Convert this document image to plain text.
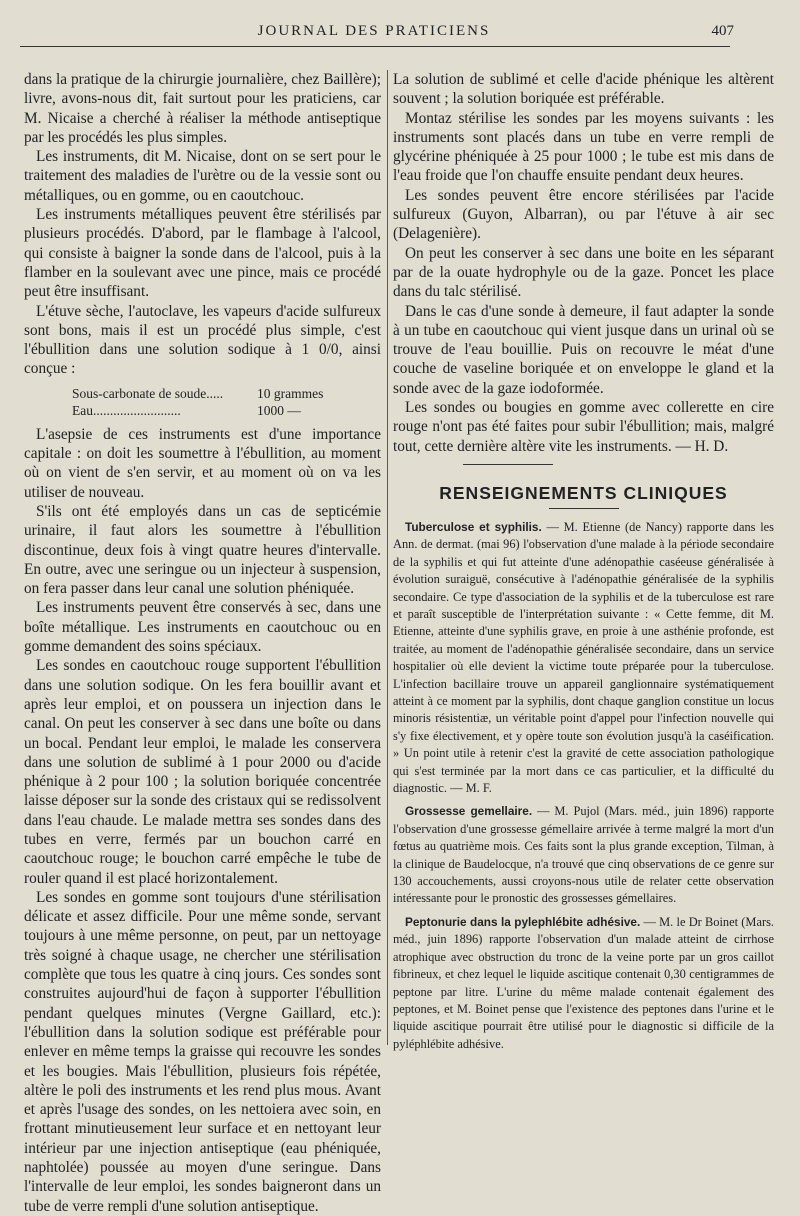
JOURNAL DES PRATICIENS	407

dans la pratique de la chirurgie journalière, chez Baillère); livre, avons-nous dit, fait surtout pour les praticiens, car M. Nicaise a cherché à réaliser la méthode antiseptique par les procédés les plus simples.

Les instruments, dit M. Nicaise, dont on se sert pour le traitement des maladies de l'urètre ou de la vessie sont ou métalliques, ou en gomme, ou en caoutchouc.

Les instruments métalliques peuvent être stérilisés par plusieurs procédés. D'abord, par le flambage à l'alcool, qui consiste à baigner la sonde dans de l'alcool, puis à la flamber en la soulevant avec une pince, mais ce procédé peut être insuffisant.

L'étuve sèche, l'autoclave, les vapeurs d'acide sulfureux sont bons, mais il est un procédé plus simple, c'est l'ébullition dans une solution sodique à 1 0/0, ainsi conçue :

Sous-carbonate de soude.....	10 grammes
Eau..........................	1000 —

L'asepsie de ces instruments est d'une importance capitale : on doit les soumettre à l'ébullition, au moment où on vient de s'en servir, et au moment où on va les utiliser de nouveau.

S'ils ont été employés dans un cas de septicémie urinaire, il faut alors les soumettre à l'ébullition discontinue, deux fois à vingt quatre heures d'intervalle. En outre, avec une seringue ou un injecteur à suspension, on fera passer dans leur canal une solution phéniquée.

Les instruments peuvent être conservés à sec, dans une boîte métallique. Les instruments en caoutchouc ou en gomme demandent des soins spéciaux.

Les sondes en caoutchouc rouge supportent l'ébullition dans une solution sodique. On les fera bouillir avant et après leur emploi, et on poussera un injection dans le canal. On peut les conserver à sec dans une boîte ou dans un bocal. Pendant leur emploi, le malade les conservera dans une solution de sublimé à 1 pour 2000 ou d'acide phénique à 2 pour 100 ; la solution boriquée concentrée laisse déposer sur la sonde des cristaux qui se redissolvent dans l'eau chaude. Le malade mettra ses sondes dans des tubes en verre, fermés par un bouchon carré en caoutchouc rouge; le bouchon carré empêche le tube de rouler quand il est placé horizontalement.

Les sondes en gomme sont toujours d'une stérilisation délicate et assez difficile. Pour une même sonde, servant toujours à une même personne, on peut, par un nettoyage très soigné à chaque usage, ne chercher une stérilisation complète que tous les quatre à cinq jours. Ces sondes sont construites aujourd'hui de façon à supporter l'ébullition pendant quelques minutes (Vergne Gaillard, etc.): l'ébullition dans la solution sodique est préférable pour enlever en même temps la graisse qui recouvre les sondes et les bougies. Mais l'ébullition, plusieurs fois répétée, altère le poli des instruments et les rend plus mous. Avant et après l'usage des sondes, on les nettoiera avec soin, en frottant minutieusement leur surface et en nettoyant leur intérieur par une injection antiseptique (eau phéniquée, naphtolée) poussée au moyen d'une seringue. Dans l'intervalle de leur emploi, les sondes baigneront dans un tube de verre rempli d'une solution antiseptique.

La solution de sublimé et celle d'acide phénique les altèrent souvent ; la solution boriquée est préférable.

Montaz stérilise les sondes par les moyens suivants : les instruments sont placés dans un tube en verre rempli de glycérine phéniquée à 25 pour 1000 ; le tube est mis dans de l'eau froide que l'on chauffe ensuite pendant deux heures.

Les sondes peuvent être encore stérilisées par l'acide sulfureux (Guyon, Albarran), ou par l'étuve à air sec (Delagenière).

On peut les conserver à sec dans une boite en les séparant par de la ouate hydrophyle ou de la gaze. Poncet les place dans du talc stérilisé.

Dans le cas d'une sonde à demeure, il faut adapter la sonde à un tube en caoutchouc qui vient jusque dans un urinal où se trouve de l'eau bouillie. Puis on recouvre le méat d'une couche de vaseline boriquée et on enveloppe le gland et la sonde avec de la gaze iodoformée.

Les sondes ou bougies en gomme avec collerette en cire rouge n'ont pas été faites pour subir l'ébullition; mais, malgré tout, cette dernière altère vite les instruments. — H. D.

RENSEIGNEMENTS CLINIQUES

Tuberculose et syphilis. — M. Etienne (de Nancy) rapporte dans les Ann. de dermat. (mai 96) l'observation d'une malade à la période secondaire de la syphilis et qui fut atteinte d'une adénopathie caséeuse généralisée à évolution suraiguë, consécutive à l'adénopathie généralisée de la syphilis secondaire. Ce type d'association de la syphilis et de la tuberculose est rare et paraît susceptible de l'interprétation suivante : « Cette femme, dit M. Etienne, atteinte d'une syphilis grave, en proie à une asthénie profonde, est traitée, au moment de l'adénopathie généralisée secondaire, dans un service hospitalier où elle devient la victime toute préparée pour la tuberculose. L'infection bacillaire trouve un appareil ganglionnaire systématiquement atteint à ce moment par la syphilis, dont chaque ganglion constitue un locus minoris résistentiæ, un véritable point d'appel pour l'infection nouvelle qui s'y fixe électivement, et y opère toute son évolution jusqu'à la caséification. » Un point utile à retenir c'est la gravité de cette association pathologique qui s'est terminée par la mort dans ce cas particulier, et la difficulté du diagnostic. — M. F.

Grossesse gemellaire. — M. Pujol (Mars. méd., juin 1896) rapporte l'observation d'une grossesse gémellaire arrivée à terme malgré la mort d'un fœtus au quatrième mois. Ces faits sont la plus grande exception, Tilman, à la clinique de Baudelocque, n'a trouvé que cinq observations de ce genre sur 130 accouchements, aussi croyons-nous utile de relater cette observation intéressante pour le pronostic des grossesses gémellaires.

Peptonurie dans la pylephlébite adhésive. — M. le Dr Boinet (Mars. méd., juin 1896) rapporte l'observation d'un malade atteint de cirrhose atrophique avec obstruction du tronc de la veine porte par un gros caillot fibrineux, et chez lequel le liquide ascitique contenait 0,30 centigrammes de peptone par litre. L'urine du même malade contenait également des peptones, et M. Boinet pense que l'existence des peptones dans l'urine et le liquide ascitique pourrait être utilisé pour le diagnostic si difficile de la pyléphlébite adhésive.
